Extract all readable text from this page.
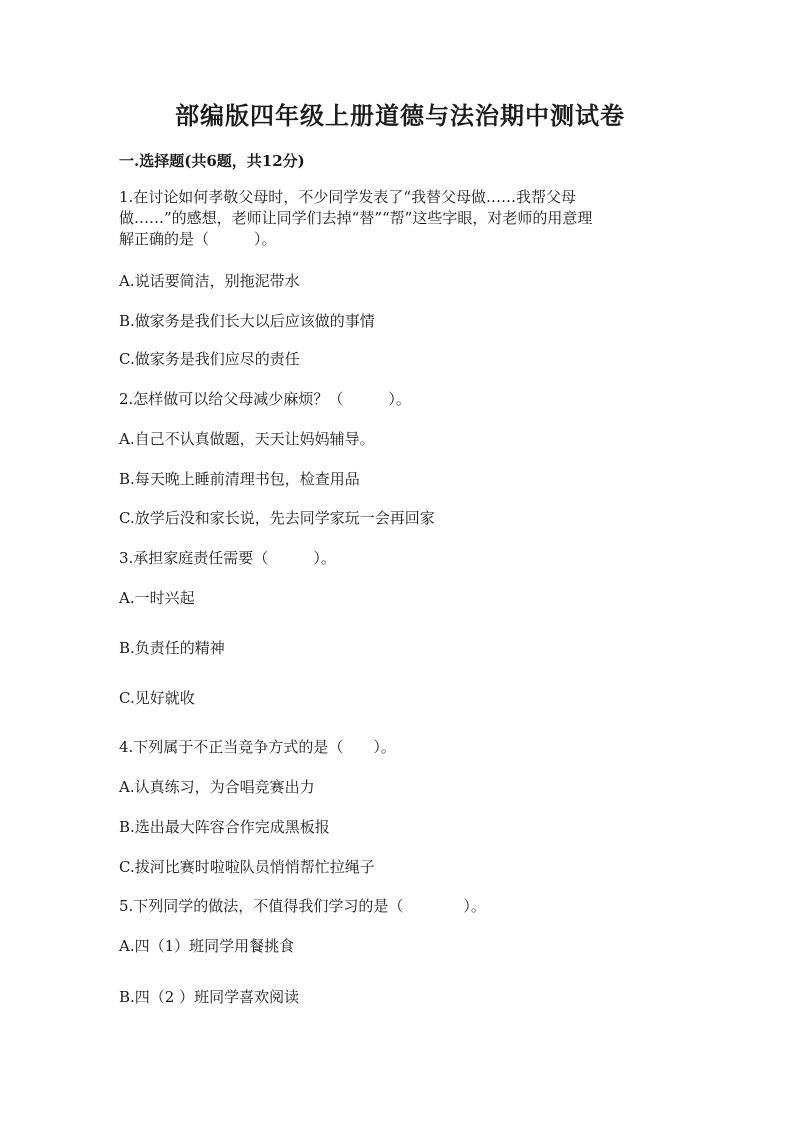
部编版四年级上册道德与法治期中测试卷
一.选择题(共6题，共12分)
1.在讨论如何孝敬父母时，不少同学发表了“我替父母做……我帮父母
做……”的感想，老师让同学们去掉“替”“帮”这些字眼，对老师的用意理
解正确的是（　　　）。
A.说话要简洁，别拖泥带水
B.做家务是我们长大以后应该做的事情
C.做家务是我们应尽的责任
2.怎样做可以给父母减少麻烦？（　　　）。
A.自己不认真做题，天天让妈妈辅导。
B.每天晚上睡前清理书包，检查用品
C.放学后没和家长说，先去同学家玩一会再回家
3.承担家庭责任需要（　　　）。
A.一时兴起
B.负责任的精神
C.见好就收
4.下列属于不正当竞争方式的是（　　）。
A.认真练习，为合唱竞赛出力
B.选出最大阵容合作完成黑板报
C.拔河比赛时啦啦队员悄悄帮忙拉绳子
5.下列同学的做法，不值得我们学习的是（　　　　）。
A.四（1）班同学用餐挑食
B.四（2 ）班同学喜欢阅读
